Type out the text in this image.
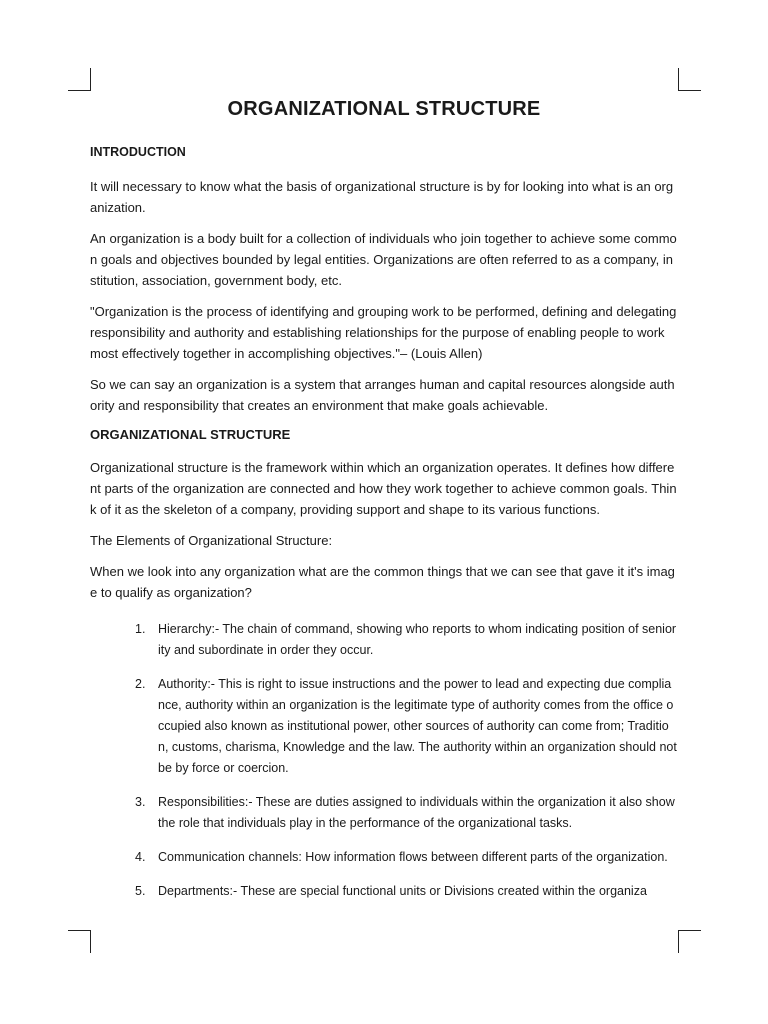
ORGANIZATIONAL STRUCTURE
INTRODUCTION

It will necessary to know what the basis of organizational structure is by for looking into what is an organization.

An organization is a body built for a collection of individuals who join together to achieve some common goals and objectives bounded by legal entities. Organizations are often referred to as a company, institution, association, government body, etc.

"Organization is the process of identifying and grouping work to be performed, defining and delegating responsibility and authority and establishing relationships for the purpose of enabling people to work most effectively together in accomplishing objectives."– (Louis Allen)

So we can say an organization is a system that arranges human and capital resources alongside authority and responsibility that creates an environment that make goals achievable.

ORGANIZATIONAL STRUCTURE

Organizational structure is the framework within which an organization operates. It defines how different parts of the organization are connected and how they work together to achieve common goals. Think of it as the skeleton of a company, providing support and shape to its various functions.

The Elements of Organizational Structure:

When we look into any organization what are the common things that we can see that gave it it's image to qualify as organization?

1.	Hierarchy:- The chain of command, showing who reports to whom indicating position of seniority and subordinate in order they occur.
2.	Authority:- This is right to issue instructions and the power to lead and expecting due compliance, authority within an organization is the legitimate type of authority comes from the office occupied also known as institutional power, other sources of authority can come from; Tradition, customs, charisma, Knowledge and the law. The authority within an organization should not be by force or coercion.
3.	Responsibilities:- These are duties assigned to individuals within the organization it also show the role that individuals play in the performance of the organizational tasks.
4.	Communication channels: How information flows between different parts of the organization.
5.	Departments:- These are special functional units or Divisions created within the organiza
